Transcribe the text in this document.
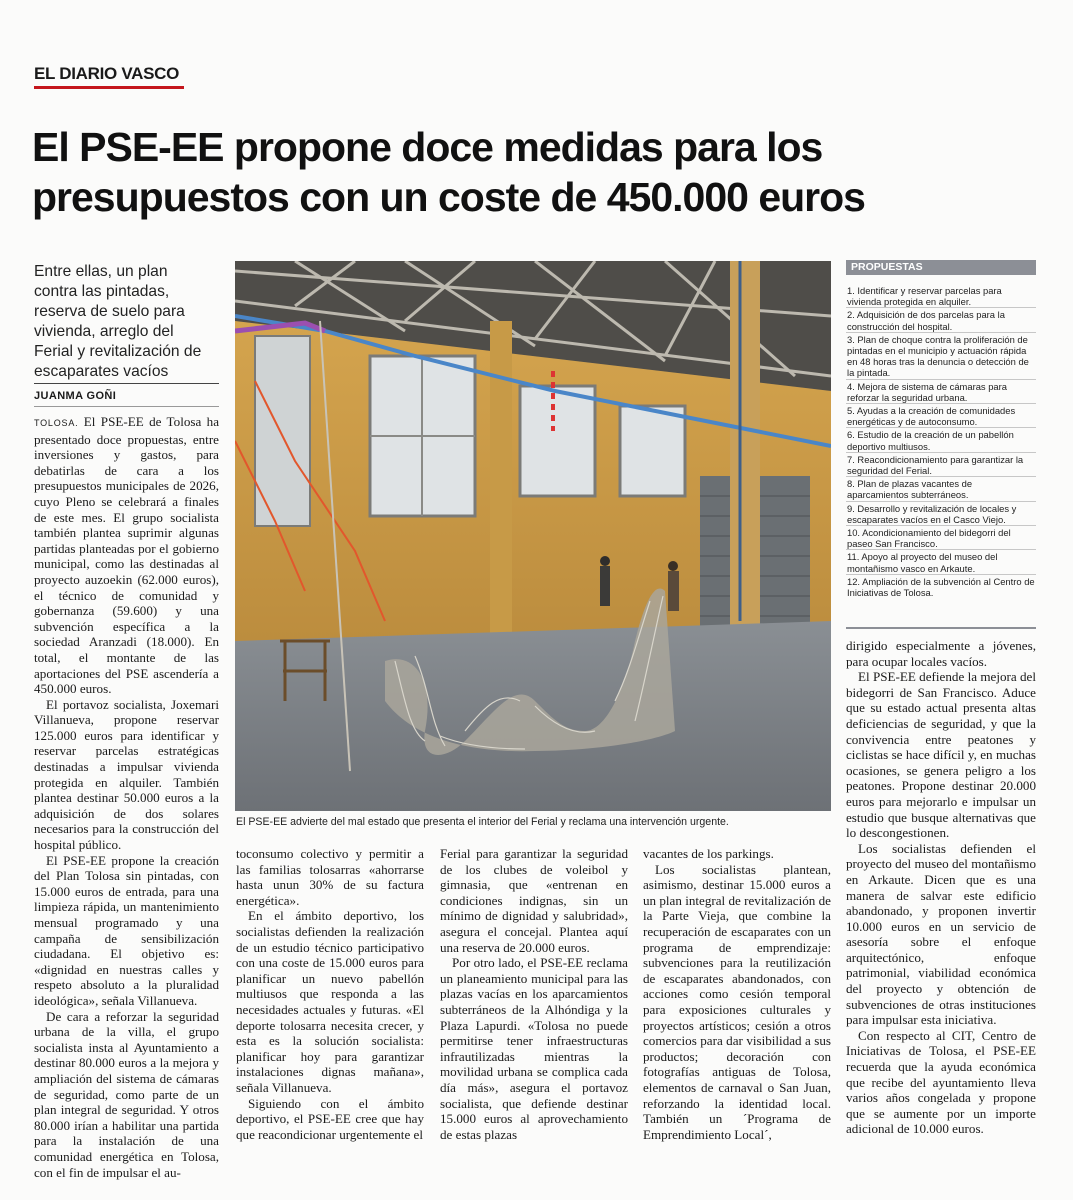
EL DIARIO VASCO
El PSE-EE propone doce medidas para los presupuestos con un coste de 450.000 euros
Entre ellas, un plan contra las pintadas, reserva de suelo para vivienda, arreglo del Ferial y revitalización de escaparates vacíos
JUANMA GOÑI

TOLOSA. El PSE-EE de Tolosa ha presentado doce propuestas, entre inversiones y gastos, para debatirlas de cara a los presupuestos municipales de 2026, cuyo Pleno se celebrará a finales de este mes. El grupo socialista también plantea suprimir algunas partidas planteadas por el gobierno municipal, como las destinadas al proyecto auzoekin (62.000 euros), el técnico de comunidad y gobernanza (59.600) y una subvención específica a la sociedad Aranzadi (18.000). En total, el montante de las aportaciones del PSE ascendería a 450.000 euros.

El portavoz socialista, Joxemari Villanueva, propone reservar 125.000 euros para identificar y reservar parcelas estratégicas destinadas a impulsar vivienda protegida en alquiler. También plantea destinar 50.000 euros a la adquisición de dos solares necesarios para la construcción del hospital público.

El PSE-EE propone la creación del Plan Tolosa sin pintadas, con 15.000 euros de entrada, para una limpieza rápida, un mantenimiento mensual programado y una campaña de sensibilización ciudadana. El objetivo es: «dignidad en nuestras calles y respeto absoluto a la pluralidad ideológica», señala Villanueva.

De cara a reforzar la seguridad urbana de la villa, el grupo socialista insta al Ayuntamiento a destinar 80.000 euros a la mejora y ampliación del sistema de cámaras de seguridad, como parte de un plan integral de seguridad. Y otros 80.000 irían a habilitar una partida para la instalación de una comunidad energética en Tolosa, con el fin de impulsar el au-

El PSE-EE advierte del mal estado que presenta el interior del Ferial y reclama una intervención urgente.
PROPUESTAS
1. Identificar y reservar parcelas para vivienda protegida en alquiler.
2. Adquisición de dos parcelas para la construcción del hospital.
3. Plan de choque contra la proliferación de pintadas en el municipio y actuación rápida en 48 horas tras la denuncia o detección de la pintada.
4. Mejora de sistema de cámaras para reforzar la seguridad urbana.
5. Ayudas a la creación de comunidades energéticas y de autoconsumo.
6. Estudio de la creación de un pabellón deportivo multiusos.
7. Reacondicionamiento para garantizar la seguridad del Ferial.
8. Plan de plazas vacantes de aparcamientos subterráneos.
9. Desarrollo y revitalización de locales y escaparates vacíos en el Casco Viejo.
10. Acondicionamiento del bidegorri del paseo San Francisco.
11. Apoyo al proyecto del museo del montañismo vasco en Arkaute.
12. Ampliación de la subvención al Centro de Iniciativas de Tolosa.

toconsumo colectivo y permitir a las familias tolosarras «ahorrarse hasta unun 30% de su factura energética».

En el ámbito deportivo, los socialistas defienden la realización de un estudio técnico participativo con una coste de 15.000 euros para planificar un nuevo pabellón multiusos que responda a las necesidades actuales y futuras. «El deporte tolosarra necesita crecer, y esta es la solución socialista: planificar hoy para garantizar instalaciones dignas mañana», señala Villanueva.

Siguiendo con el ámbito deportivo, el PSE-EE cree que hay que reacondicionar urgentemente el

Ferial para garantizar la seguridad de los clubes de voleibol y gimnasia, que «entrenan en condiciones indignas, sin un mínimo de dignidad y salubridad», asegura el concejal. Plantea aquí una reserva de 20.000 euros.

Por otro lado, el PSE-EE reclama un planeamiento municipal para las plazas vacías en los aparcamientos subterráneos de la Alhóndiga y la Plaza Lapurdi. «Tolosa no puede permitirse tener infraestructuras infrautilizadas mientras la movilidad urbana se complica cada día más», asegura el portavoz socialista, que defiende destinar 15.000 euros al aprovechamiento de estas plazas

vacantes de los parkings.

Los socialistas plantean, asimismo, destinar 15.000 euros a un plan integral de revitalización de la Parte Vieja, que combine la recuperación de escaparates con un programa de emprendizaje: subvenciones para la reutilización de escaparates abandonados, con acciones como cesión temporal para exposiciones culturales y proyectos artísticos; cesión a otros comercios para dar visibilidad a sus productos; decoración con fotografías antiguas de Tolosa, elementos de carnaval o San Juan, reforzando la identidad local. También un ´Programa de Emprendimiento Local´,

dirigido especialmente a jóvenes, para ocupar locales vacíos.

El PSE-EE defiende la mejora del bidegorri de San Francisco. Aduce que su estado actual presenta altas deficiencias de seguridad, y que la convivencia entre peatones y ciclistas se hace difícil y, en muchas ocasiones, se genera peligro a los peatones. Propone destinar 20.000 euros para mejorarlo e impulsar un estudio que busque alternativas que lo descongestionen.

Los socialistas defienden el proyecto del museo del montañismo en Arkaute. Dicen que es una manera de salvar este edificio abandonado, y proponen invertir 10.000 euros en un servicio de asesoría sobre el enfoque arquitectónico, enfoque patrimonial, viabilidad económica del proyecto y obtención de subvenciones de otras instituciones para impulsar esta iniciativa.

Con respecto al CIT, Centro de Iniciativas de Tolosa, el PSE-EE recuerda que la ayuda económica que recibe del ayuntamiento lleva varios años congelada y propone que se aumente por un importe adicional de 10.000 euros.
